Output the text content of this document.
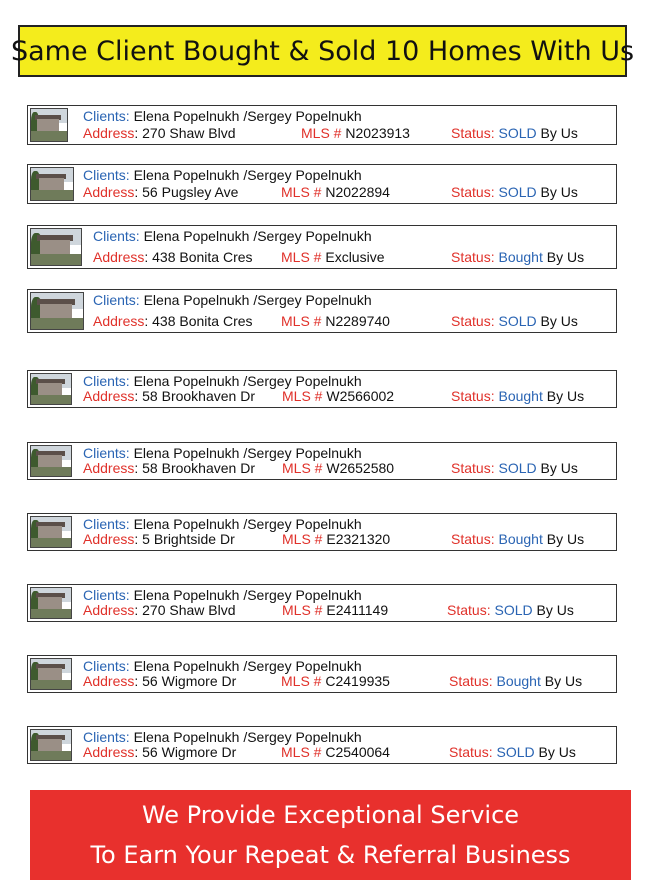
Same Client Bought & Sold 10 Homes With Us
Clients: Elena Popelnukh /Sergey Popelnukh
Address: 270 Shaw Blvd	MLS # N2023913	Status: SOLD By Us
Clients: Elena Popelnukh /Sergey Popelnukh
Address: 56 Pugsley Ave	MLS # N2022894	Status: SOLD By Us
Clients: Elena Popelnukh /Sergey Popelnukh
Address: 438 Bonita Cres MLS # Exclusive	Status: Bought By Us
Clients: Elena Popelnukh /Sergey Popelnukh
Address: 438 Bonita Cres MLS # N2289740	Status: SOLD By Us
Clients: Elena Popelnukh /Sergey Popelnukh
Address: 58 Brookhaven Dr MLS # W2566002	Status: Bought By Us
Clients: Elena Popelnukh /Sergey Popelnukh
Address: 58 Brookhaven Dr MLS # W2652580	Status: SOLD By Us
Clients: Elena Popelnukh /Sergey Popelnukh
Address: 5 Brightside Dr	MLS # E2321320	Status: Bought By Us
Clients: Elena Popelnukh /Sergey Popelnukh
Address: 270 Shaw Blvd	MLS # E2411149	Status: SOLD By Us
Clients: Elena Popelnukh /Sergey Popelnukh
Address: 56 Wigmore Dr	MLS # C2419935	Status: Bought By Us
Clients: Elena Popelnukh /Sergey Popelnukh
Address: 56 Wigmore Dr	MLS # C2540064	Status: SOLD By Us
We Provide Exceptional Service
To Earn Your Repeat & Referral Business
